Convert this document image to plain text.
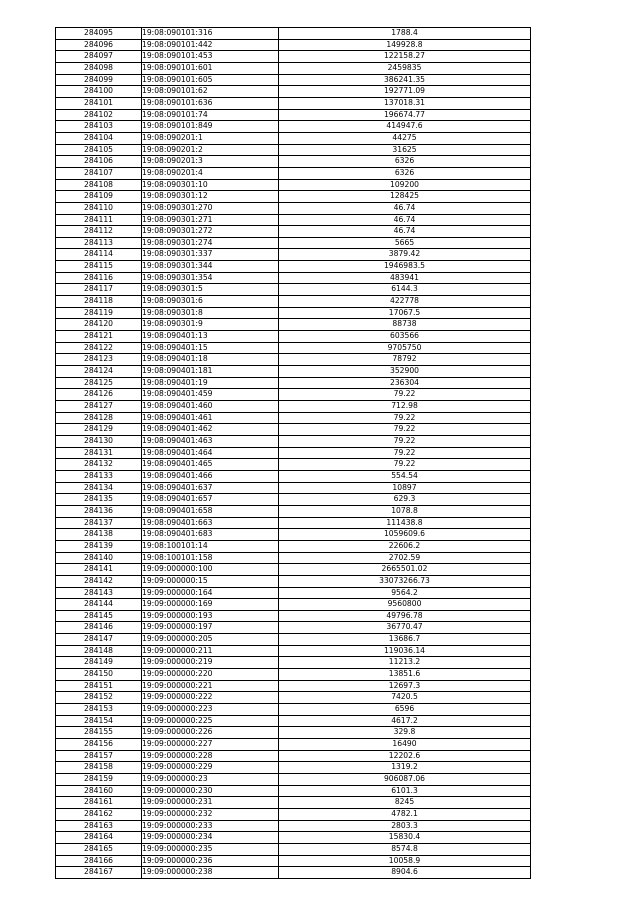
284095	19:08:090101:316	1788.4
284096	19:08:090101:442	149928.8
284097	19:08:090101:453	122158.27
284098	19:08:090101:601	2459835
284099	19:08:090101:605	386241.35
284100	19:08:090101:62	192771.09
284101	19:08:090101:636	137018.31
284102	19:08:090101:74	196674.77
284103	19:08:090101:849	414947.6
284104	19:08:090201:1	44275
284105	19:08:090201:2	31625
284106	19:08:090201:3	6326
284107	19:08:090201:4	6326
284108	19:08:090301:10	109200
284109	19:08:090301:12	128425
284110	19:08:090301:270	46.74
284111	19:08:090301:271	46.74
284112	19:08:090301:272	46.74
284113	19:08:090301:274	5665
284114	19:08:090301:337	3879.42
284115	19:08:090301:344	1946983.5
284116	19:08:090301:354	483941
284117	19:08:090301:5	6144.3
284118	19:08:090301:6	422778
284119	19:08:090301:8	17067.5
284120	19:08:090301:9	88738
284121	19:08:090401:13	603566
284122	19:08:090401:15	9705750
284123	19:08:090401:18	78792
284124	19:08:090401:181	352900
284125	19:08:090401:19	236304
284126	19:08:090401:459	79.22
284127	19:08:090401:460	712.98
284128	19:08:090401:461	79.22
284129	19:08:090401:462	79.22
284130	19:08:090401:463	79.22
284131	19:08:090401:464	79.22
284132	19:08:090401:465	79.22
284133	19:08:090401:466	554.54
284134	19:08:090401:637	10897
284135	19:08:090401:657	629.3
284136	19:08:090401:658	1078.8
284137	19:08:090401:663	111438.8
284138	19:08:090401:683	1059609.6
284139	19:08:100101:14	22606.2
284140	19:08:100101:158	2702.59
284141	19:09:000000:100	2665501.02
284142	19:09:000000:15	33073266.73
284143	19:09:000000:164	9564.2
284144	19:09:000000:169	9560800
284145	19:09:000000:193	49796.78
284146	19:09:000000:197	36770.47
284147	19:09:000000:205	13686.7
284148	19:09:000000:211	119036.14
284149	19:09:000000:219	11213.2
284150	19:09:000000:220	13851.6
284151	19:09:000000:221	12697.3
284152	19:09:000000:222	7420.5
284153	19:09:000000:223	6596
284154	19:09:000000:225	4617.2
284155	19:09:000000:226	329.8
284156	19:09:000000:227	16490
284157	19:09:000000:228	12202.6
284158	19:09:000000:229	1319.2
284159	19:09:000000:23	906087.06
284160	19:09:000000:230	6101.3
284161	19:09:000000:231	8245
284162	19:09:000000:232	4782.1
284163	19:09:000000:233	2803.3
284164	19:09:000000:234	15830.4
284165	19:09:000000:235	8574.8
284166	19:09:000000:236	10058.9
284167	19:09:000000:238	8904.6
